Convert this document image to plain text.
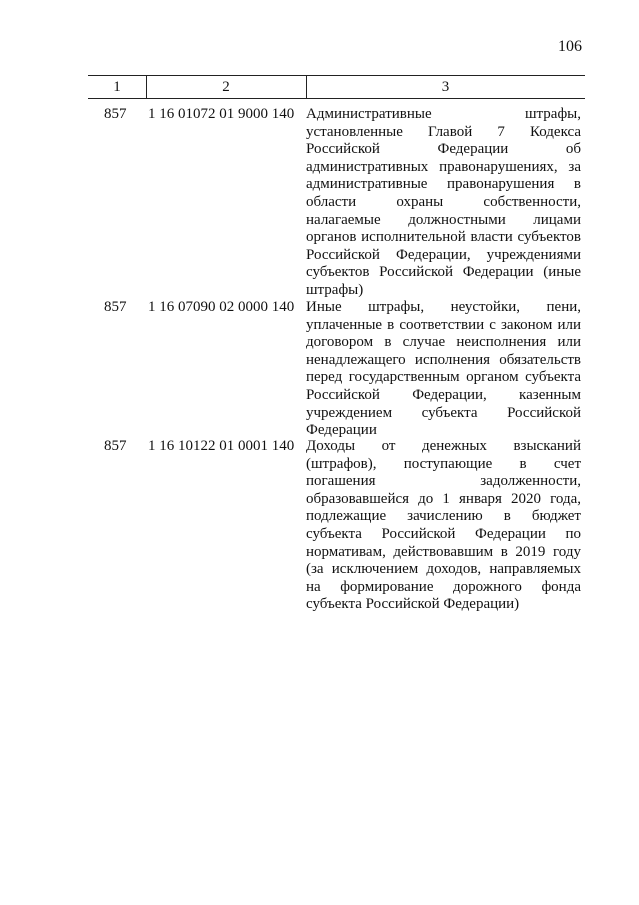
106
1	2	3
857 1 16 01072 01 9000 140 Административные штрафы, установленные Главой 7 Кодекса Российской Федерации об административных правонарушениях, за административные правонарушения в области охраны собственности, налагаемые должностными лицами органов исполнительной власти субъектов Российской Федерации, учреждениями субъектов Российской Федерации (иные штрафы)
857 1 16 07090 02 0000 140 Иные штрафы, неустойки, пени, уплаченные в соответствии с законом или договором в случае неисполнения или ненадлежащего исполнения обязательств перед государственным органом субъекта Российской Федерации, казенным учреждением субъекта Российской Федерации
857 1 16 10122 01 0001 140 Доходы от денежных взысканий (штрафов), поступающие в счет погашения задолженности, образовавшейся до 1 января 2020 года, подлежащие зачислению в бюджет субъекта Российской Федерации по нормативам, действовавшим в 2019 году (за исключением доходов, направляемых на формирование дорожного фонда субъекта Российской Федерации)
